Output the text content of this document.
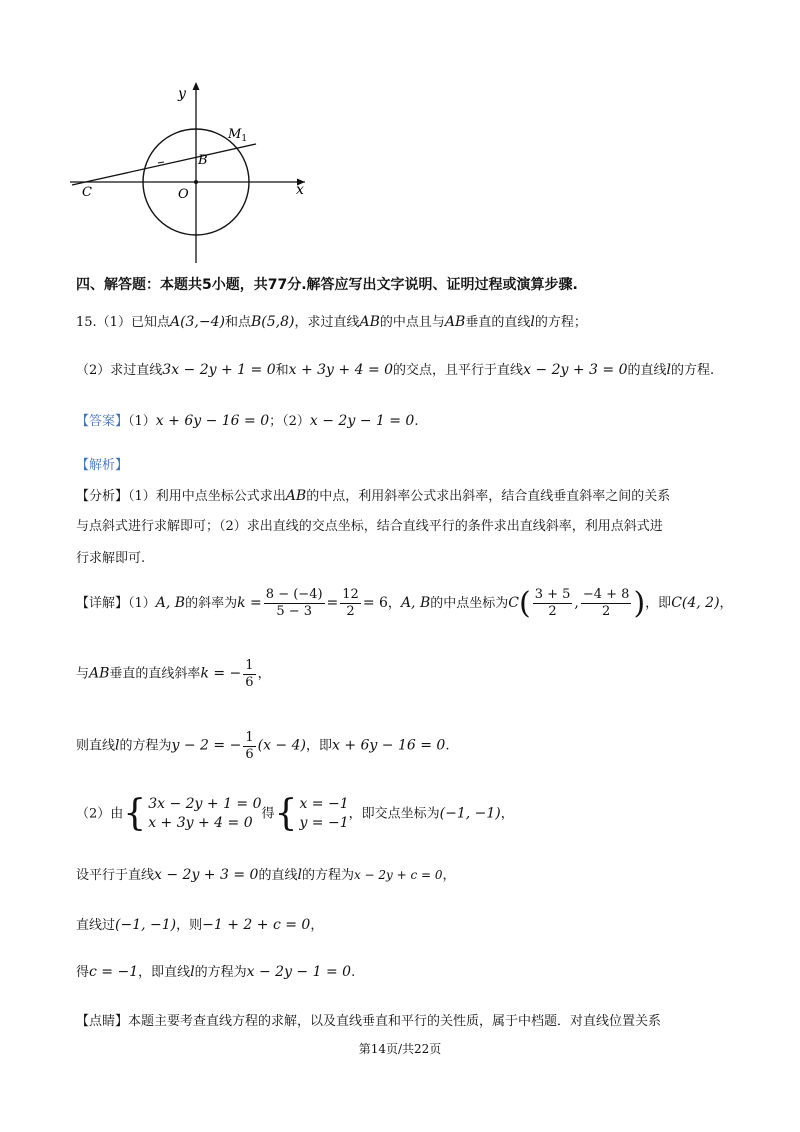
y
x
O
B
C
$M_1$
四、解答题：本题共5小题，共77分.解答应写出文字说明、证明过程或演算步骤.
15.（1）已知点A(3,−4)和点B(5,8)，求过直线AB的中点且与AB垂直的直线l的方程；
（2）求过直线3x − 2y + 1 = 0和x + 3y + 4 = 0的交点，且平行于直线x − 2y + 3 = 0的直线l的方程.
【答案】（1）x + 6y − 16 = 0；（2）x − 2y − 1 = 0.
【解析】
【分析】（1）利用中点坐标公式求出AB的中点，利用斜率公式求出斜率，结合直线垂直斜率之间的关系
与点斜式进行求解即可；（2）求出直线的交点坐标，结合直线平行的条件求出直线斜率，利用点斜式进
行求解即可.
【详解】（1）A, B的斜率为$k = \frac{8 - (-4)}{5 - 3} = \frac{12}{2} = 6$，A, B的中点坐标为$C( \frac{3 + 5}{2}$ , $\frac{-4 + 8}{2}$ )，即C(4, 2)，
与AB垂直的直线斜率k = − $\frac{1}{6}$ ，
则直线l的方程为y − 2 = − $\frac{1}{6} (x - 4)$，即x + 6y − 16 = 0.
（2）由 { 3x − 2y + 1 = 0
x + 3y + 4 = 0
得 { x = −1
y = −1
，即交点坐标为(−1, −1)，
设平行于直线x − 2y + 3 = 0的直线l的方程为x − 2y + c = 0，
直线过(−1, −1)，则−1 + 2 + c = 0，
得c = −1，即直线l的方程为x − 2y − 1 = 0.
【点睛】本题主要考查直线方程的求解，以及直线垂直和平行的关性质，属于中档题．对直线位置关系
第14页/共22页
